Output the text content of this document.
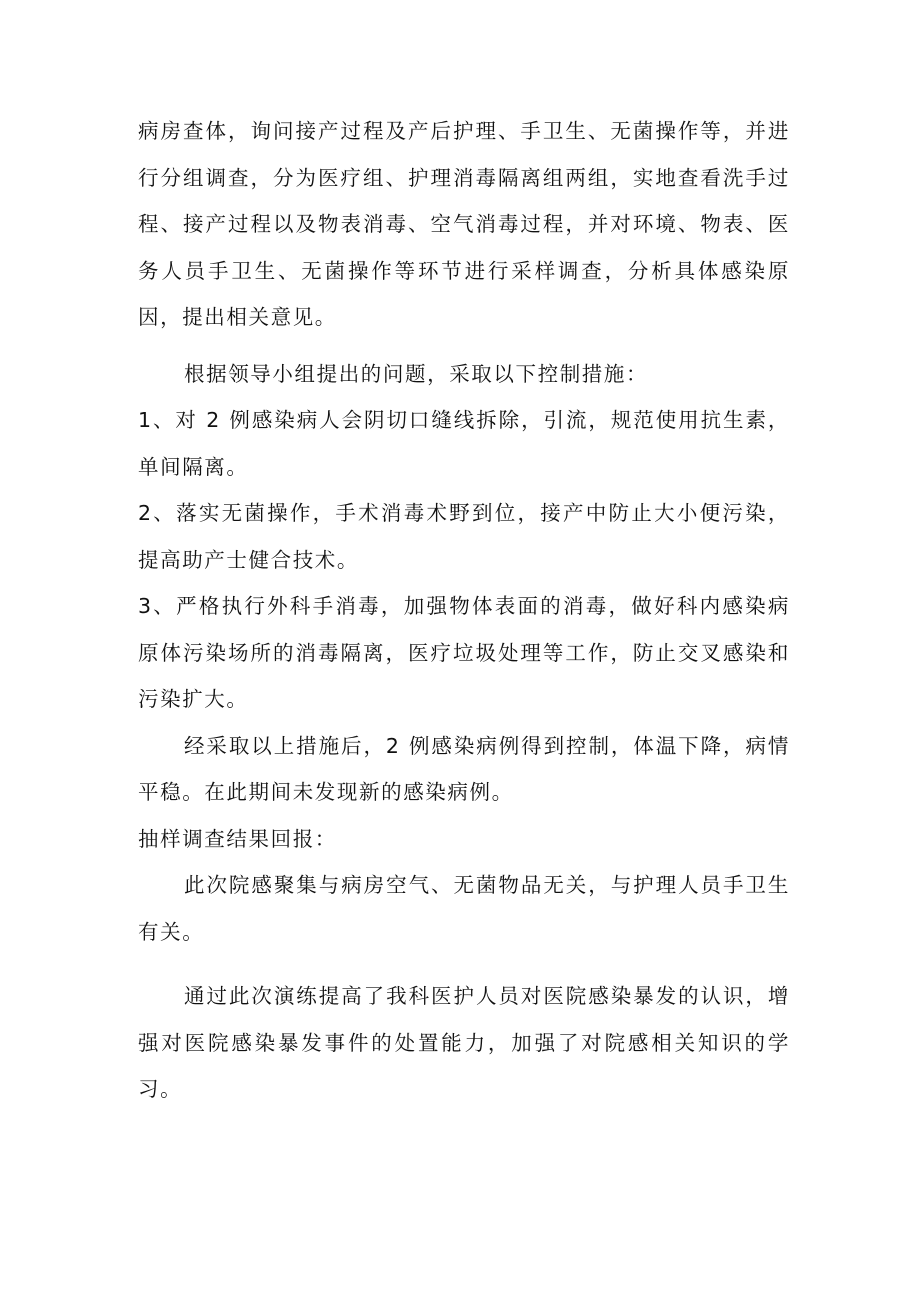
病房查体，询问接产过程及产后护理、手卫生、无菌操作等，并进行分组调查，分为医疗组、护理消毒隔离组两组，实地查看洗手过程、接产过程以及物表消毒、空气消毒过程，并对环境、物表、医务人员手卫生、无菌操作等环节进行采样调查，分析具体感染原因，提出相关意见。

根据领导小组提出的问题，采取以下控制措施：

1、对 2 例感染病人会阴切口缝线拆除，引流，规范使用抗生素，单间隔离。

2、落实无菌操作，手术消毒术野到位，接产中防止大小便污染，提高助产士健合技术。

3、严格执行外科手消毒，加强物体表面的消毒，做好科内感染病原体污染场所的消毒隔离，医疗垃圾处理等工作，防止交叉感染和污染扩大。

经采取以上措施后，2 例感染病例得到控制，体温下降，病情平稳。在此期间未发现新的感染病例。

抽样调查结果回报：

此次院感聚集与病房空气、无菌物品无关，与护理人员手卫生有关。

通过此次演练提高了我科医护人员对医院感染暴发的认识，增强对医院感染暴发事件的处置能力，加强了对院感相关知识的学习。
